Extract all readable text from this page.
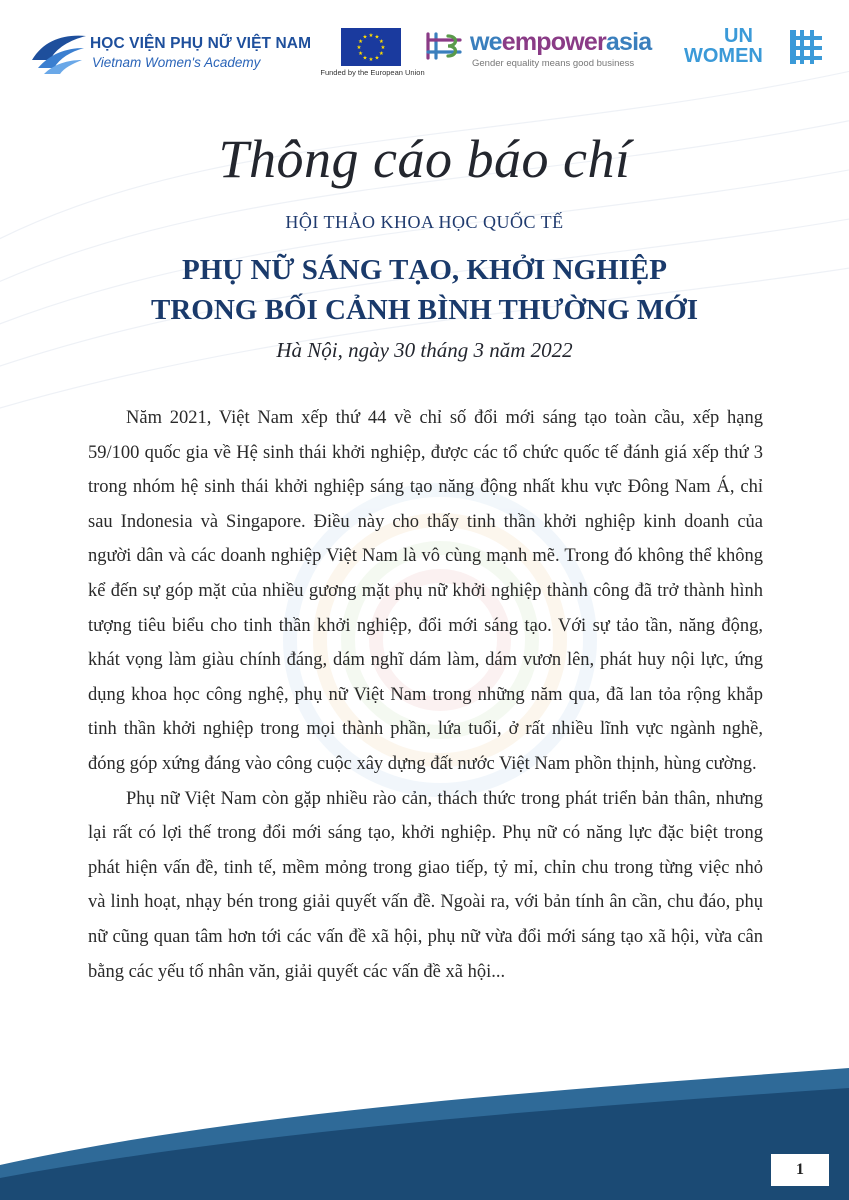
HỌC VIỆN PHỤ NỮ VIỆT NAM
Vietnam Women's Academy
★ ★
★
★
★
★
★
★
★
★
★
★
Funded by the European Union
weempowerasia
Gender equality means good business
UN
WOMEN
Thông cáo báo chí
HỘI THẢO KHOA HỌC QUỐC TẾ
PHỤ NỮ SÁNG TẠO, KHỞI NGHIỆP
TRONG BỐI CẢNH BÌNH THƯỜNG MỚI
Hà Nội, ngày 30 tháng 3 năm 2022

Năm 2021, Việt Nam xếp thứ 44 về chỉ số đổi mới sáng tạo toàn cầu, xếp hạng 59/100 quốc gia về Hệ sinh thái khởi nghiệp, được các tổ chức quốc tế đánh giá xếp thứ 3 trong nhóm hệ sinh thái khởi nghiệp sáng tạo năng động nhất khu vực Đông Nam Á, chỉ sau Indonesia và Singapore. Điều này cho thấy tinh thần khởi nghiệp kinh doanh của người dân và các doanh nghiệp Việt Nam là vô cùng mạnh mẽ. Trong đó không thể không kể đến sự góp mặt của nhiều gương mặt phụ nữ khởi nghiệp thành công đã trở thành hình tượng tiêu biểu cho tinh thần khởi nghiệp, đổi mới sáng tạo. Với sự tảo tần, năng động, khát vọng làm giàu chính đáng, dám nghĩ dám làm, dám vươn lên, phát huy nội lực, ứng dụng khoa học công nghệ, phụ nữ Việt Nam trong những năm qua, đã lan tỏa rộng khắp tinh thần khởi nghiệp trong mọi thành phần, lứa tuổi, ở rất nhiều lĩnh vực ngành nghề, đóng góp xứng đáng vào công cuộc xây dựng đất nước Việt Nam phồn thịnh, hùng cường.

Phụ nữ Việt Nam còn gặp nhiều rào cản, thách thức trong phát triển bản thân, nhưng lại rất có lợi thế trong đổi mới sáng tạo, khởi nghiệp. Phụ nữ có năng lực đặc biệt trong phát hiện vấn đề, tinh tế, mềm mỏng trong giao tiếp, tỷ mỉ, chỉn chu trong từng việc nhỏ và linh hoạt, nhạy bén trong giải quyết vấn đề. Ngoài ra, với bản tính ân cần, chu đáo, phụ nữ cũng quan tâm hơn tới các vấn đề xã hội, phụ nữ vừa đổi mới sáng tạo xã hội, vừa cân bằng các yếu tố nhân văn, giải quyết các vấn đề xã hội...

1
